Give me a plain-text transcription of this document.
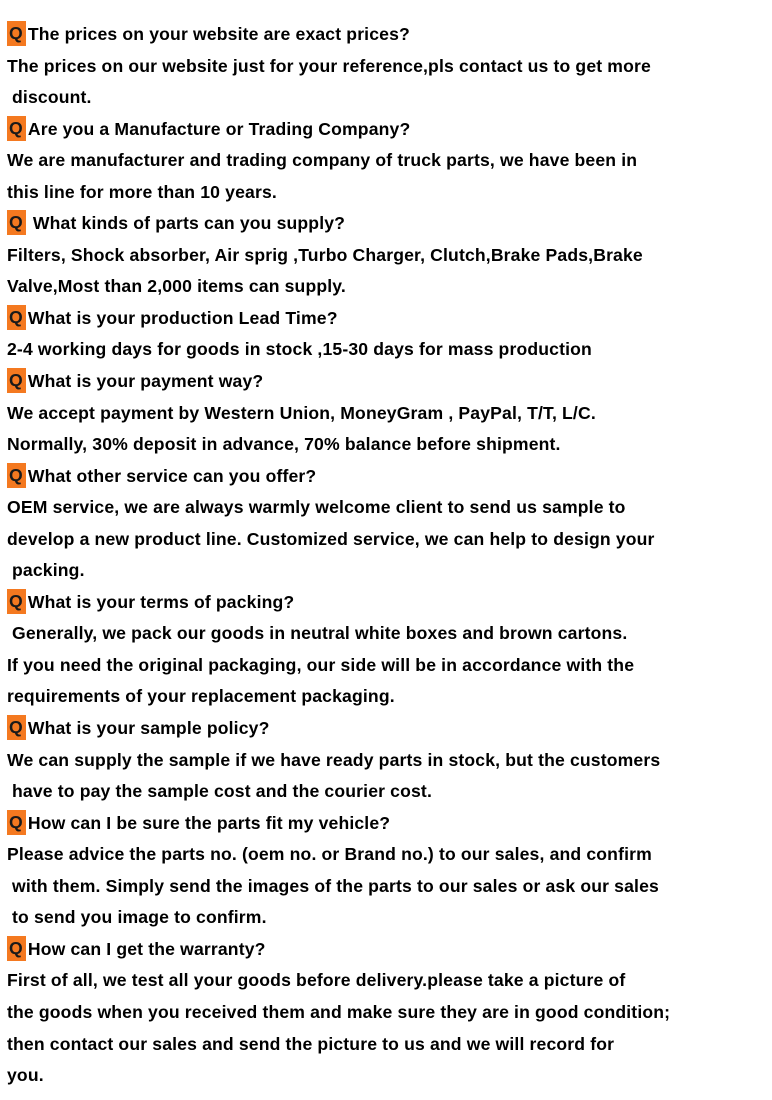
Q The prices on your website are exact prices?
The prices on our website just for your reference,pls contact us to get more
discount.
Q Are you a Manufacture or Trading Company?
We are manufacturer and trading company of truck parts, we have been in
this line for more than 10 years.
Q What kinds of parts can you supply?
Filters, Shock absorber, Air sprig ,Turbo Charger, Clutch,Brake Pads,Brake
Valve,Most than 2,000 items can supply.
Q What is your production Lead Time?
2-4 working days for goods in stock ,15-30 days for mass production
Q What is your payment way?
We accept payment by Western Union, MoneyGram , PayPal, T/T, L/C.
Normally, 30% deposit in advance, 70% balance before shipment.
Q What other service can you offer?
OEM service, we are always warmly welcome client to send us sample to
develop a new product line. Customized service, we can help to design your
packing.
Q What is your terms of packing?
Generally, we pack our goods in neutral white boxes and brown cartons.
If you need the original packaging, our side will be in accordance with the
requirements of your replacement packaging.
Q What is your sample policy?
We can supply the sample if we have ready parts in stock, but the customers
have to pay the sample cost and the courier cost.
Q How can I be sure the parts fit my vehicle?
Please advice the parts no. (oem no. or Brand no.) to our sales, and confirm
with them. Simply send the images of the parts to our sales or ask our sales
to send you image to confirm.
Q How can I get the warranty?
First of all, we test all your goods before delivery.please take a picture of
the goods when you received them and make sure they are in good condition;
then contact our sales and send the picture to us and we will record for
you.
